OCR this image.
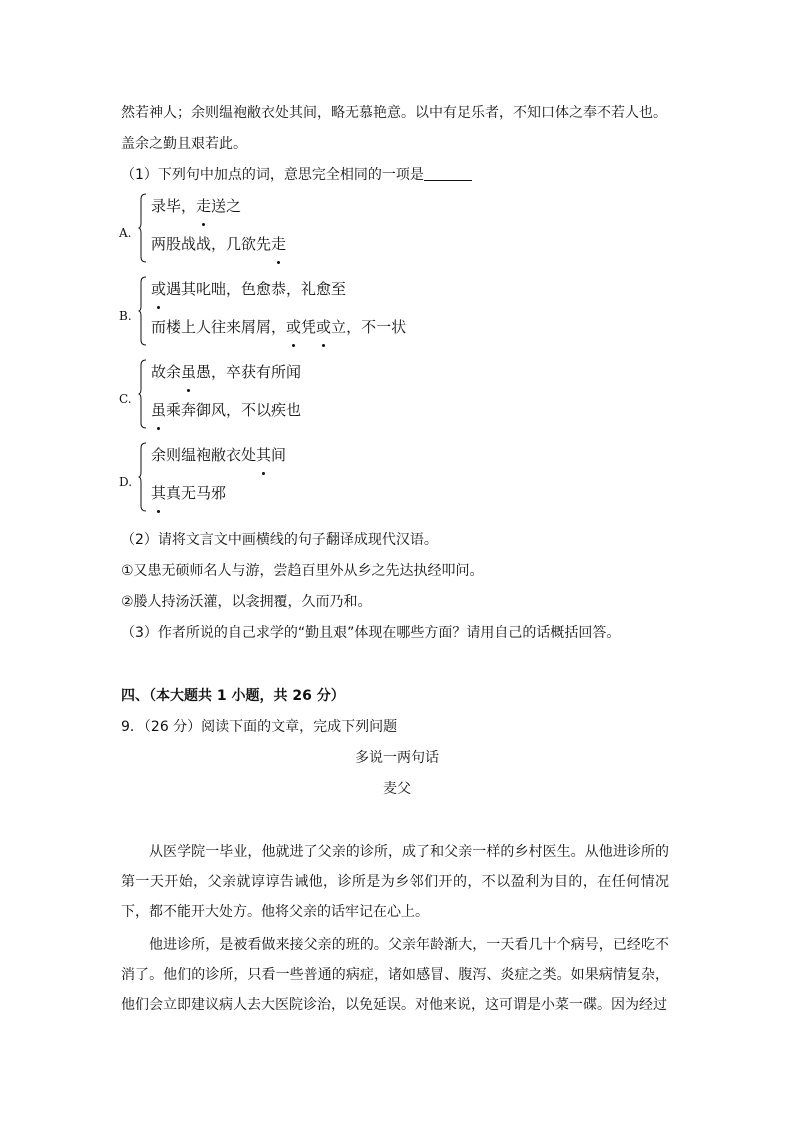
然若神人；余则缊袍敝衣处其间，略无慕艳意。以中有足乐者，不知口体之奉不若人也。
盖余之勤且艰若此。
（1）下列句中加点的词，意思完全相同的一项是
A.
录毕，走送之
两股战战，几欲先走
B.
或遇其叱咄，色愈恭，礼愈至
而楼上人往来屑屑，或凭或立，不一状
C.
故余虽愚，卒获有所闻
虽乘奔御风，不以疾也
D.
余则缊袍敝衣处其间
其真无马邪
（2）请将文言文中画横线的句子翻译成现代汉语。
①又患无硕师名人与游，尝趋百里外从乡之先达执经叩问。
②媵人持汤沃灌，以衾拥覆，久而乃和。
（3）作者所说的自己求学的“勤且艰”体现在哪些方面？请用自己的话概括回答。
四、（本大题共 1 小题，共 26 分）
9．（26 分）阅读下面的文章，完成下列问题
多说一两句话
麦父
从医学院一毕业，他就进了父亲的诊所，成了和父亲一样的乡村医生。从他进诊所的第一天开始，父亲就谆谆告诫他，诊所是为乡邻们开的，不以盈利为目的，在任何情况下，都不能开大处方。他将父亲的话牢记在心上。
他进诊所，是被看做来接父亲的班的。父亲年龄渐大，一天看几十个病号，已经吃不消了。他们的诊所，只看一些普通的病症，诸如感冒、腹泻、炎症之类。如果病情复杂，他们会立即建议病人去大医院诊治，以免延误。对他来说，这可谓是小菜一碟。因为经过
